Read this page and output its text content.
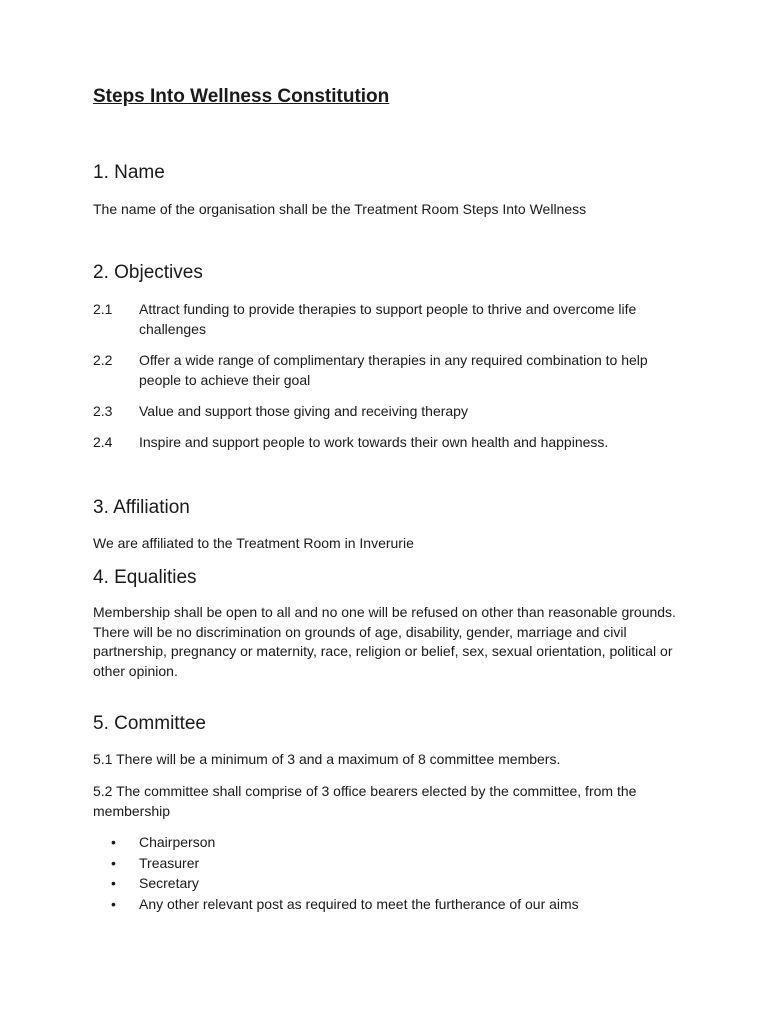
Steps Into Wellness Constitution
1. Name

The name of the organisation shall be the Treatment Room Steps Into Wellness

2. Objectives
2.1 Attract funding to provide therapies to support people to thrive and overcome life challenges
2.2 Offer a wide range of complimentary therapies in any required combination to help people to achieve their goal
2.3 Value and support those giving and receiving therapy
2.4 Inspire and support people to work towards their own health and happiness.
3. Affiliation

We are affiliated to the Treatment Room in Inverurie

4. Equalities

Membership shall be open to all and no one will be refused on other than reasonable grounds. There will be no discrimination on grounds of age, disability, gender, marriage and civil partnership, pregnancy or maternity, race, religion or belief, sex, sexual orientation, political or other opinion.

5. Committee

5.1 There will be a minimum of 3 and a maximum of 8 committee members.

5.2 The committee shall comprise of 3 office bearers elected by the committee, from the membership

• Chairperson
• Treasurer
• Secretary
• Any other relevant post as required to meet the furtherance of our aims
